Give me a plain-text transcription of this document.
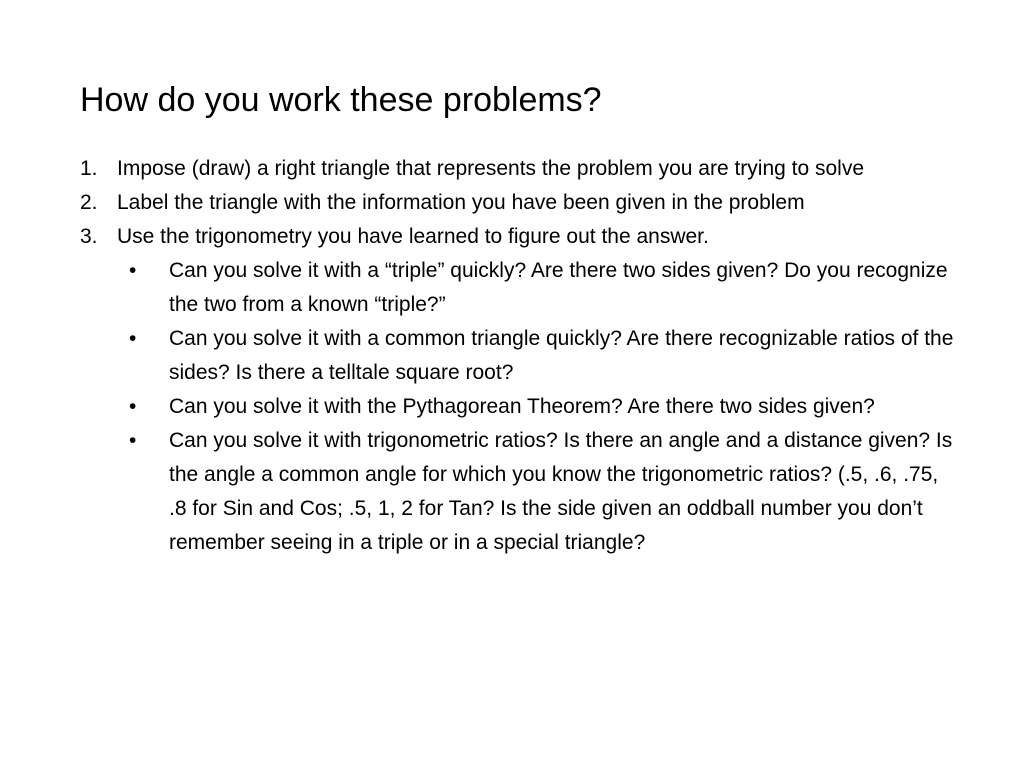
How do you work these problems?
1. Impose (draw) a right triangle that represents the problem you are trying to solve
2. Label the triangle with the information you have been given in the problem
3. Use the trigonometry you have learned to figure out the answer.
• Can you solve it with a “triple” quickly? Are there two sides given? Do you recognize the two from a known “triple?”
• Can you solve it with a common triangle quickly? Are there recognizable ratios of the sides? Is there a telltale square root?
• Can you solve it with the Pythagorean Theorem? Are there two sides given?
• Can you solve it with trigonometric ratios? Is there an angle and a distance given? Is the angle a common angle for which you know the trigonometric ratios? (.5, .6, .75, .8 for Sin and Cos; .5, 1, 2 for Tan? Is the side given an oddball number you don’t remember seeing in a triple or in a special triangle?
